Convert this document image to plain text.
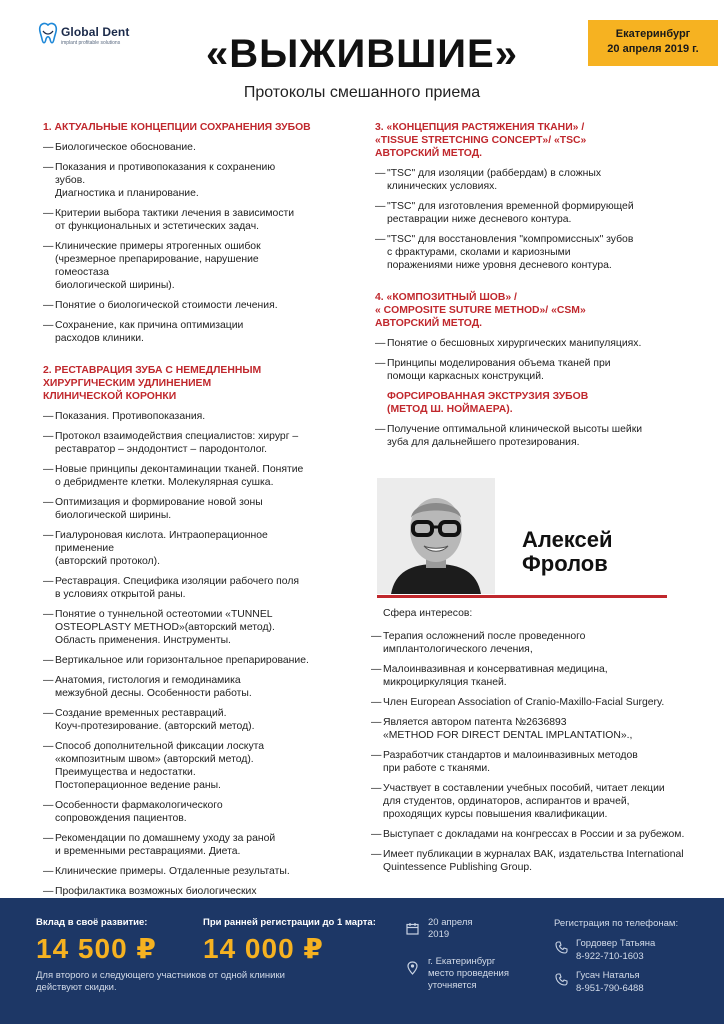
Global Dent
implant profitable solutions
Екатеринбург
20 апреля 2019 г.
«ВЫЖИВШИЕ»
Протоколы смешанного приема
1. АКТУАЛЬНЫЕ КОНЦЕПЦИИ СОХРАНЕНИЯ ЗУБОВ
— Биологическое обоснование.
— Показания и противопоказания к сохранению
зубов.
Диагностика и планирование.
— Критерии выбора тактики лечения в зависимости
от функциональных и эстетических задач.
— Клинические примеры ятрогенных ошибок
(чрезмерное препарирование, нарушение
гомеостаза
биологической ширины).
— Понятие о биологической стоимости лечения.
— Сохранение, как причина оптимизации
расходов клиники.
2. РЕСТАВРАЦИЯ ЗУБА С НЕМЕДЛЕННЫМ
ХИРУРГИЧЕСКИМ УДЛИНЕНИЕМ
КЛИНИЧЕСКОЙ КОРОНКИ
— Показания. Противопоказания.
— Протокол взаимодействия специалистов: хирург –
реставратор – эндодонтист – пародонтолог.
— Новые принципы деконтаминации тканей. Понятие
о дебридменте клетки. Молекулярная сушка.
— Оптимизация и формирование новой зоны
биологической ширины.
— Гиалуроновая кислота. Интраоперационное
применение
(авторский протокол).
— Реставрация. Специфика изоляции рабочего поля
в условиях открытой раны.
— Понятие о туннельной остеотомии «TUNNEL
OSTEOPLASTY METHOD»(авторский метод).
Область применения. Инструменты.
— Вертикальное или горизонтальное препарирование.
— Анатомия, гистология и гемодинамика
межзубной десны. Особенности работы.
— Создание временных реставраций.
Коуч-протезирование. (авторский метод).
— Способ дополнительной фиксации лоскута
«композитным швом» (авторский метод).
Преимущества и недостатки.
Постоперационное ведение раны.
— Особенности фармакологического
сопровождения пациентов.
— Рекомендации по домашнему уходу за раной
и временными реставрациями. Диета.
— Клинические примеры. Отдаленные результаты.
— Профилактика возможных биологических

3. «КОНЦЕПЦИЯ РАСТЯЖЕНИЯ ТКАНИ» /
«TISSUE STRETCHING CONCEPT»/ «TSC»
АВТОРСКИЙ МЕТОД.
— "TSC" для изоляции (раббердам) в сложных
клинических условиях.
— "TSC" для изготовления временной формирующей
реставрации ниже десневого контура.
— "TSC" для восстановления "компромиссных" зубов
с фрактурами, сколами и кариозными
поражениями ниже уровня десневого контура.
4. «КОМПОЗИТНЫЙ ШОВ» /
« COMPOSITE SUTURE METHOD»/ «CSM»
АВТОРСКИЙ МЕТОД.
— Понятие о бесшовных хирургических манипуляциях.
— Принципы моделирования объема тканей при
помощи каркасных конструкций.
ФОРСИРОВАННАЯ ЭКСТРУЗИЯ ЗУБОВ
(МЕТОД Ш. НОЙМАЕРА).
— Получение оптимальной клинической высоты шейки
зуба для дальнейшего протезирования.
Алексей
Фролов
Сфера интересов:
— Терапия осложнений после проведенного
имплантологического лечения,
— Малоинвазивная и консервативная медицина,
микроциркуляция тканей.
— Член European Association of Cranio-Maxillo-Facial Surgery.
— Является автором патента №2636893
«METHOD FOR DIRECT DENTAL IMPLANTATION».,
— Разработчик стандартов и малоинвазивных методов
при работе с тканями.
— Участвует в составлении учебных пособий, читает лекции
для студентов, ординаторов, аспирантов и врачей,
проходящих курсы повышения квалификации.
— Выступает с докладами на конгрессах в России и за рубежом.
— Имеет публикации в журналах ВАК, издательства International
Quintessence Publishing Group.
Вклад в своё развитие:
14 500 ₽
При ранней регистрации до 1 марта:
14 000 ₽
Для второго и следующего участников от одной клиники
действуют скидки.
20 апреля
2019
г. Екатеринбург
место проведения
уточняется
Регистрация по телефонам:
Гордовер Татьяна
8-922-710-1603
Гусач Наталья
8-951-790-6488
